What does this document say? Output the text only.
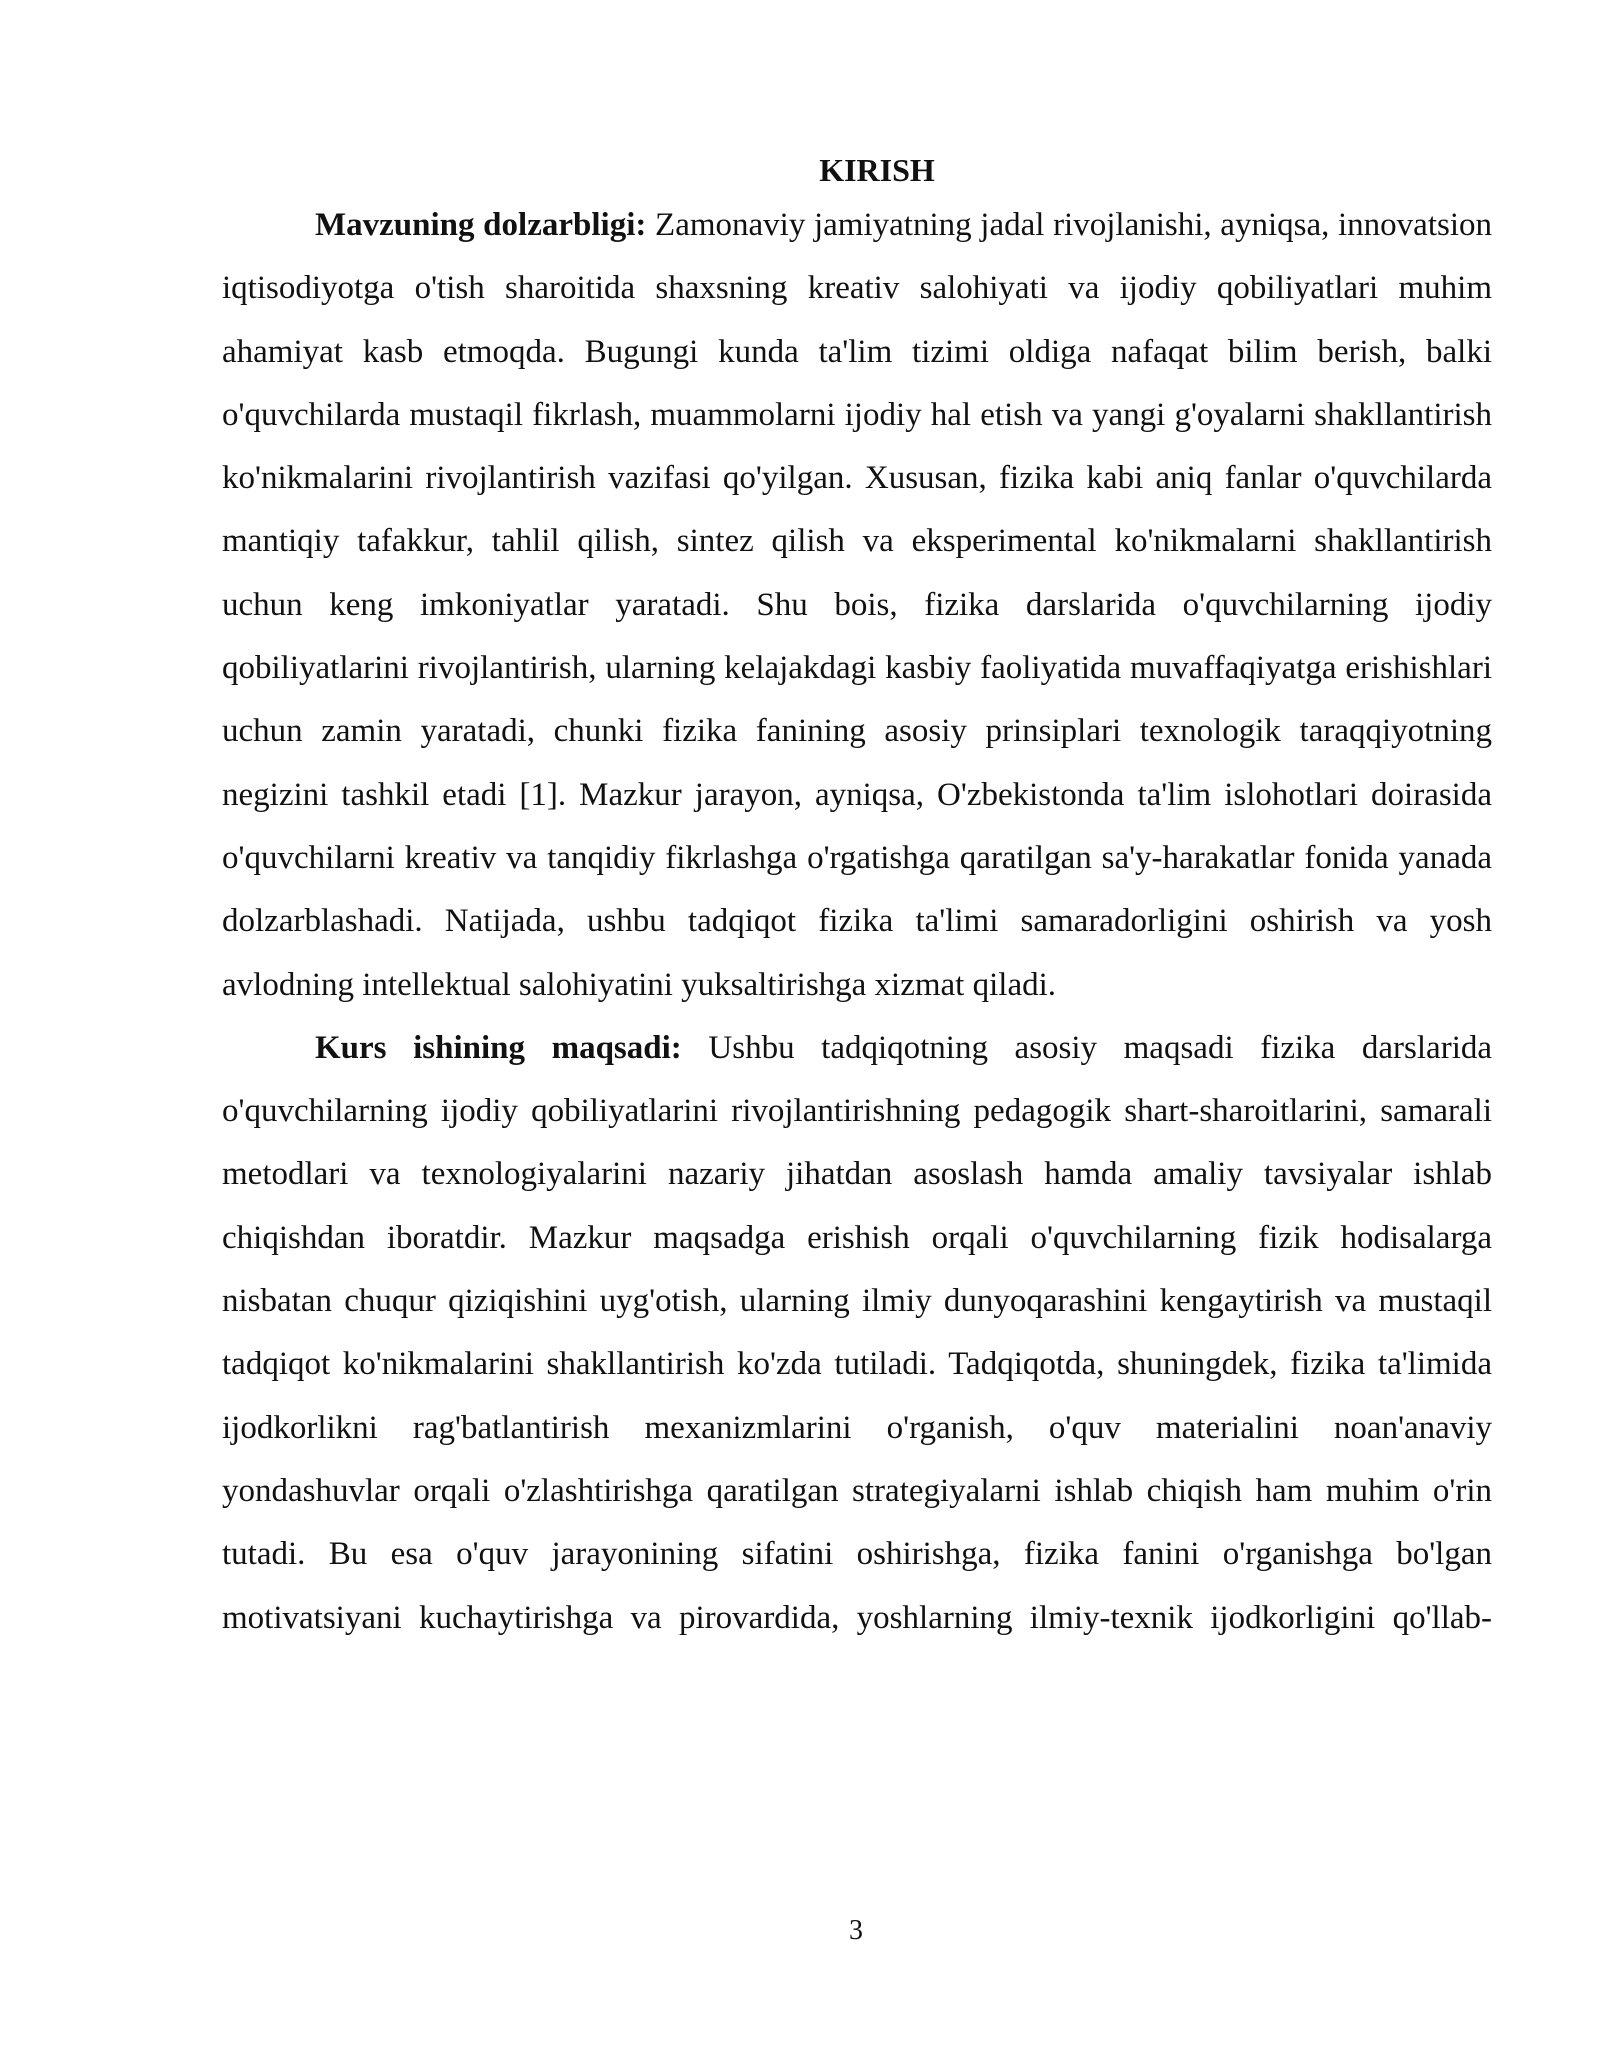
KIRISH

Mavzuning dolzarbligi: Zamonaviy jamiyatning jadal rivojlanishi, ayniqsa, innovatsion iqtisodiyotga o'tish sharoitida shaxsning kreativ salohiyati va ijodiy qobiliyatlari muhim ahamiyat kasb etmoqda. Bugungi kunda ta'lim tizimi oldiga nafaqat bilim berish, balki o'quvchilarda mustaqil fikrlash, muammolarni ijodiy hal etish va yangi g'oyalarni shakllantirish ko'nikmalarini rivojlantirish vazifasi qo'yilgan. Xususan, fizika kabi aniq fanlar o'quvchilarda mantiqiy tafakkur, tahlil qilish, sintez qilish va eksperimental ko'nikmalarni shakllantirish uchun keng imkoniyatlar yaratadi. Shu bois, fizika darslarida o'quvchilarning ijodiy qobiliyatlarini rivojlantirish, ularning kelajakdagi kasbiy faoliyatida muvaffaqiyatga erishishlari uchun zamin yaratadi, chunki fizika fanining asosiy prinsiplari texnologik taraqqiyotning negizini tashkil etadi [1]. Mazkur jarayon, ayniqsa, O'zbekistonda ta'lim islohotlari doirasida o'quvchilarni kreativ va tanqidiy fikrlashga o'rgatishga qaratilgan sa'y-harakatlar fonida yanada dolzarblashadi. Natijada, ushbu tadqiqot fizika ta'limi samaradorligini oshirish va yosh avlodning intellektual salohiyatini yuksaltirishga xizmat qiladi.

Kurs ishining maqsadi: Ushbu tadqiqotning asosiy maqsadi fizika darslarida o'quvchilarning ijodiy qobiliyatlarini rivojlantirishning pedagogik shart-sharoitlarini, samarali metodlari va texnologiyalarini nazariy jihatdan asoslash hamda amaliy tavsiyalar ishlab chiqishdan iboratdir. Mazkur maqsadga erishish orqali o'quvchilarning fizik hodisalarga nisbatan chuqur qiziqishini uyg'otish, ularning ilmiy dunyoqarashini kengaytirish va mustaqil tadqiqot ko'nikmalarini shakllantirish ko'zda tutiladi. Tadqiqotda, shuningdek, fizika ta'limida ijodkorlikni rag'batlantirish mexanizmlarini o'rganish, o'quv materialini noan'anaviy yondashuvlar orqali o'zlashtirishga qaratilgan strategiyalarni ishlab chiqish ham muhim o'rin tutadi. Bu esa o'quv jarayonining sifatini oshirishga, fizika fanini o'rganishga bo'lgan motivatsiyani kuchaytirishga va pirovardida, yoshlarning ilmiy-texnik ijodkorligini qo'llab-

3
